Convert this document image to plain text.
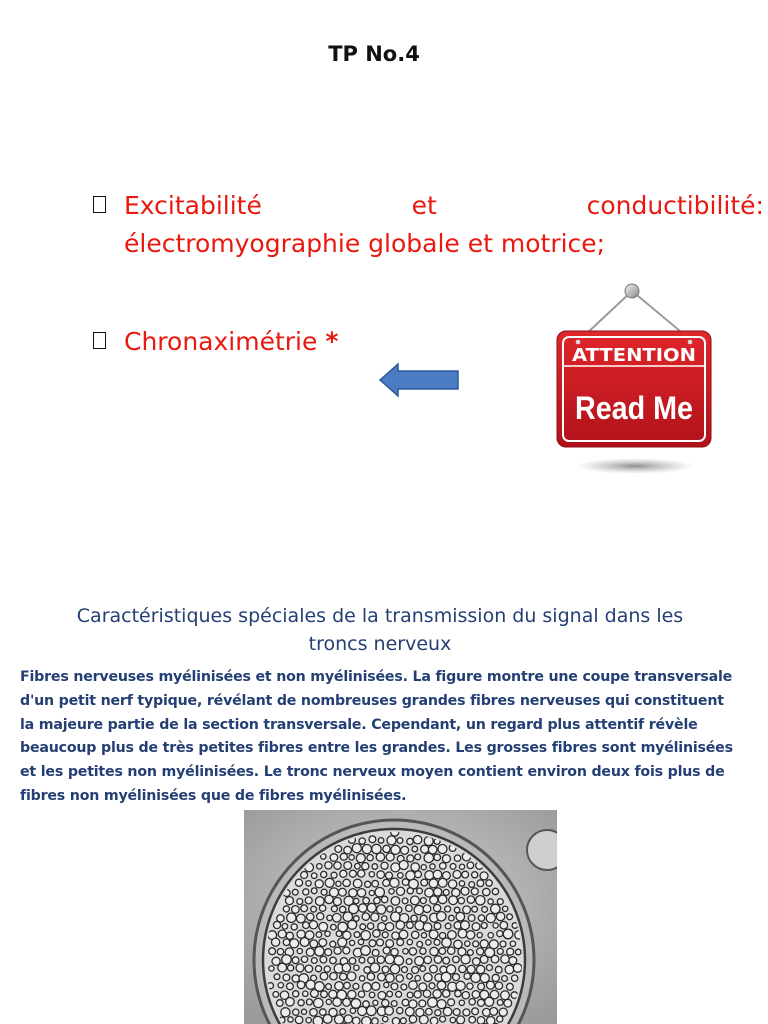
TP No.4
Excitabilité	et	conductibilité:
électromyographie globale et motrice;
Chronaximétrie *	ATTENTION
Read Me
Caractéristiques spéciales de la transmission du signal dans les
troncs nerveux
Fibres nerveuses myélinisées et non myélinisées. La figure montre une coupe transversale d'un petit nerf typique, révélant de nombreuses grandes fibres nerveuses qui constituent la majeure partie de la section transversale. Cependant, un regard plus attentif révèle beaucoup plus de très petites fibres entre les grandes. Les grosses fibres sont myélinisées et les petites non myélinisées. Le tronc nerveux moyen contient environ deux fois plus de fibres non myélinisées que de fibres myélinisées.
